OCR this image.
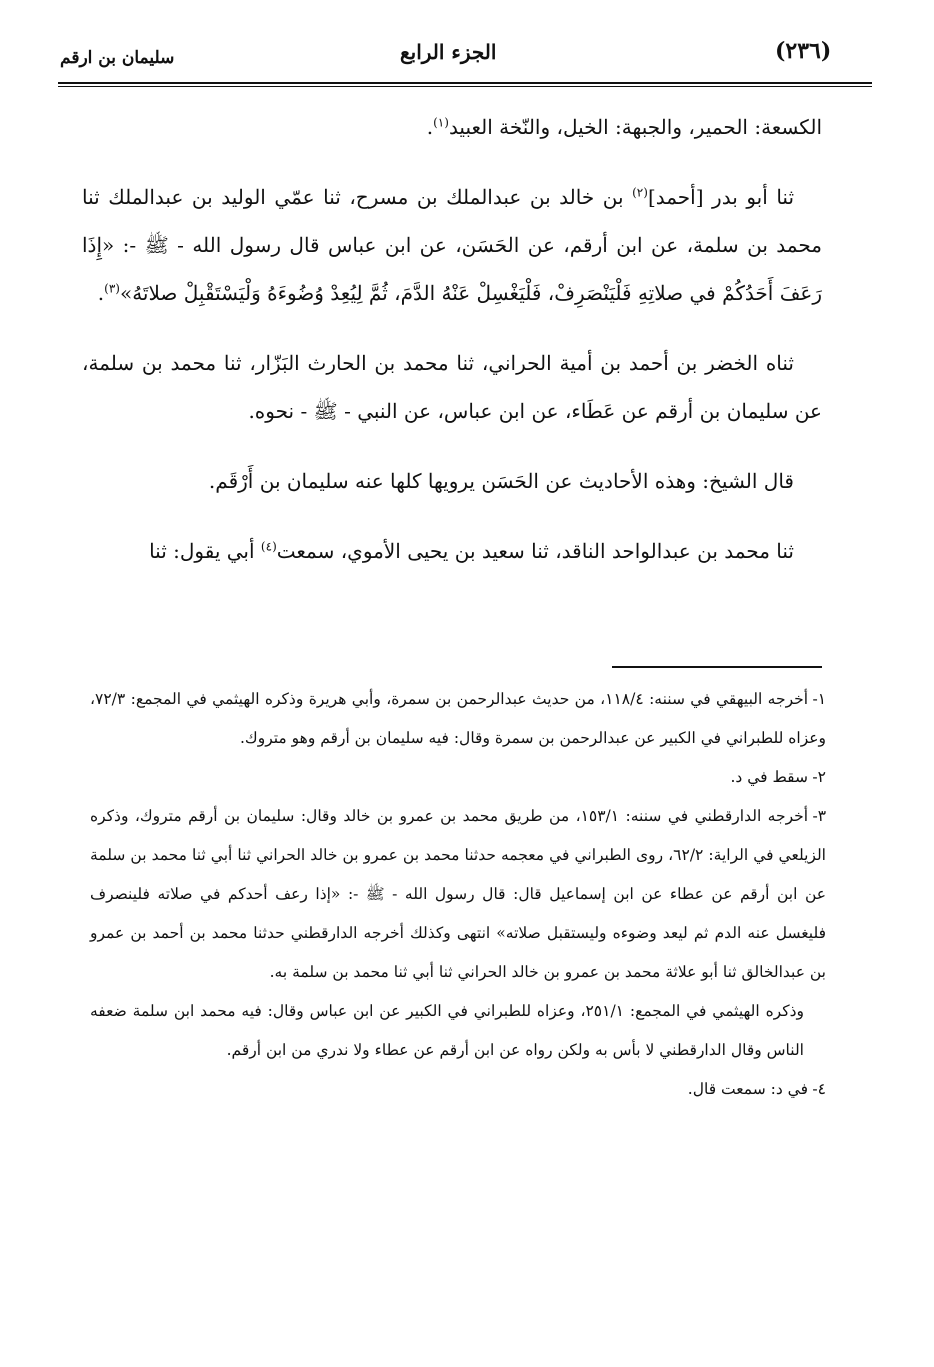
(٢٣٦)
الجزء الرابع
سليمان بن ارقم

الكسعة: الحمير، والجبهة: الخيل، والنّخة العبيد$^{(١)}$.

ثنا أبو بدر [أحمد]$^{(٢)}$ بن خالد بن عبدالملك بن مسرح، ثنا عمّي الوليد بن عبدالملك ثنا محمد بن سلمة، عن ابن أرقم، عن الحَسَن، عن ابن عباس قال رسول الله - ﷺ -: «إِذَا رَعَفَ أَحَدُكُمْ في صلاتِهِ فَلْيَنْصَرِفْ، فَلْيَغْسِلْ عَنْهُ الدَّمَ، ثُمَّ لِيُعِدْ وُضُوءَهُ وَلْيَسْتَقْبِلْ صلاتَهُ»$^{(٣)}$.

ثناه الخضر بن أحمد بن أمية الحراني، ثنا محمد بن الحارث البَزّار، ثنا محمد بن سلمة، عن سليمان بن أرقم عن عَطَاء، عن ابن عباس، عن النبي - ﷺ - نحوه.

قال الشيخ: وهذه الأحاديث عن الحَسَن يرويها كلها عنه سليمان بن أَرْقَم.

ثنا محمد بن عبدالواحد الناقد، ثنا سعيد بن يحيى الأموي، سمعت$^{(٤)}$ أبي يقول: ثنا

١-أخرجه البيهقي في سننه: ١١٨/٤، من حديث عبدالرحمن بن سمرة، وأبي هريرة وذكره الهيثمي في المجمع: ٧٢/٣، وعزاه للطبراني في الكبير عن عبدالرحمن بن سمرة وقال: فيه سليمان بن أرقم وهو متروك.
٢-سقط في د.
٣-أخرجه الدارقطني في سننه: ١٥٣/١، من طريق محمد بن عمرو بن خالد وقال: سليمان بن أرقم متروك، وذكره الزيلعي في الراية: ٦٢/٢، روى الطبراني في معجمه حدثنا محمد بن عمرو بن خالد الحراني ثنا أبي ثنا محمد بن سلمة عن ابن أرقم عن عطاء عن ابن إسماعيل قال: قال رسول الله - ﷺ -: «إذا رعف أحدكم في صلاته فلينصرف فليغسل عنه الدم ثم ليعد وضوءه وليستقبل صلاته» انتهى وكذلك أخرجه الدارقطني حدثنا محمد بن أحمد بن عمرو بن عبدالخالق ثنا أبو علاثة محمد بن عمرو بن خالد الحراني ثنا أبي ثنا محمد بن سلمة به.
وذكره الهيثمي في المجمع: ٢٥١/١، وعزاه للطبراني في الكبير عن ابن عباس وقال: فيه محمد ابن سلمة ضعفه الناس وقال الدارقطني لا بأس به ولكن رواه عن ابن أرقم عن عطاء ولا ندري من ابن أرقم.
٤-في د: سمعت قال.
